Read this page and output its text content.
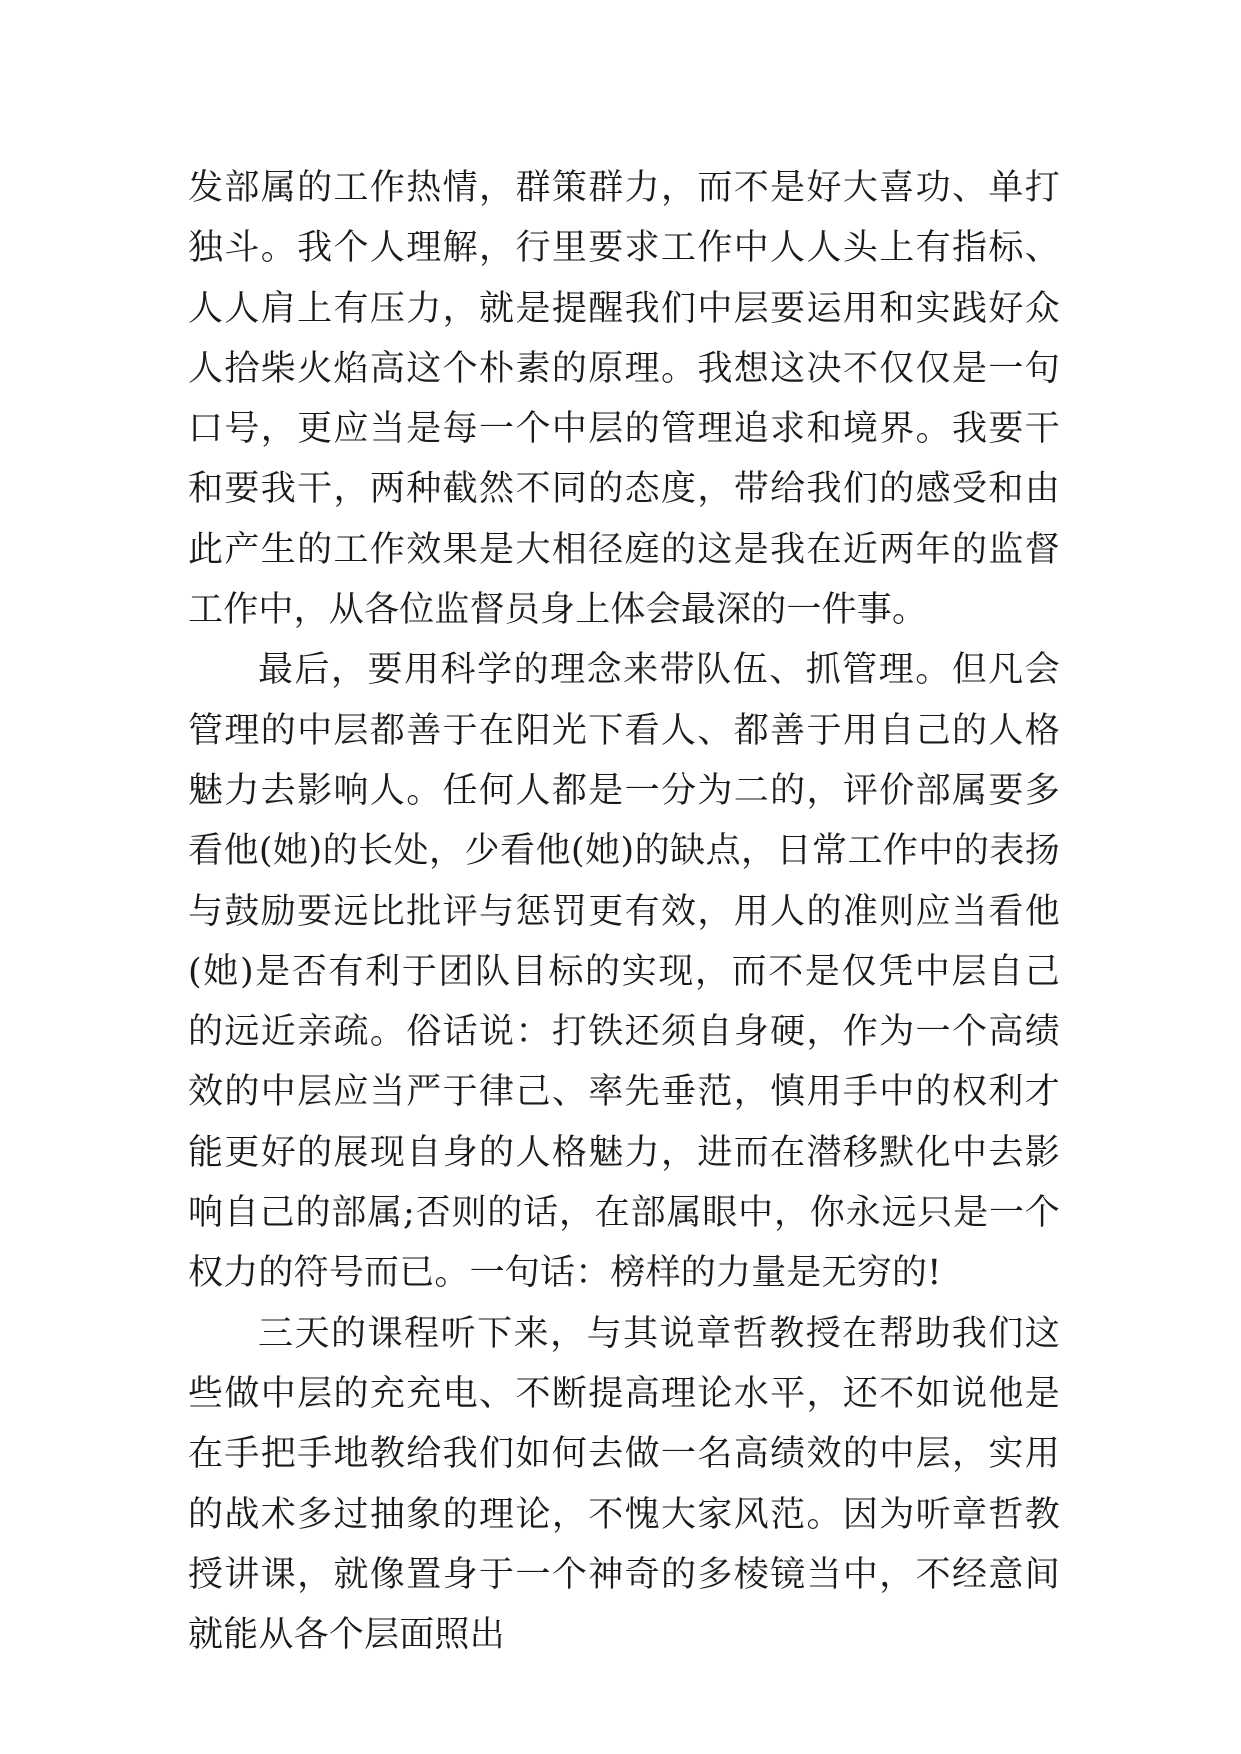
发部属的工作热情，群策群力，而不是好大喜功、单打独斗。我个人理解，行里要求工作中人人头上有指标、人人肩上有压力，就是提醒我们中层要运用和实践好众人拾柴火焰高这个朴素的原理。我想这决不仅仅是一句口号，更应当是每一个中层的管理追求和境界。我要干和要我干，两种截然不同的态度，带给我们的感受和由此产生的工作效果是大相径庭的这是我在近两年的监督工作中，从各位监督员身上体会最深的一件事。

最后，要用科学的理念来带队伍、抓管理。但凡会管理的中层都善于在阳光下看人、都善于用自己的人格魅力去影响人。任何人都是一分为二的，评价部属要多看他(她)的长处，少看他(她)的缺点，日常工作中的表扬与鼓励要远比批评与惩罚更有效，用人的准则应当看他(她)是否有利于团队目标的实现，而不是仅凭中层自己的远近亲疏。俗话说：打铁还须自身硬，作为一个高绩效的中层应当严于律己、率先垂范，慎用手中的权利才能更好的展现自身的人格魅力，进而在潜移默化中去影响自己的部属;否则的话，在部属眼中，你永远只是一个权力的符号而已。一句话：榜样的力量是无穷的!

三天的课程听下来，与其说章哲教授在帮助我们这些做中层的充充电、不断提高理论水平，还不如说他是在手把手地教给我们如何去做一名高绩效的中层，实用的战术多过抽象的理论，不愧大家风范。因为听章哲教授讲课，就像置身于一个神奇的多棱镜当中，不经意间就能从各个层面照出
